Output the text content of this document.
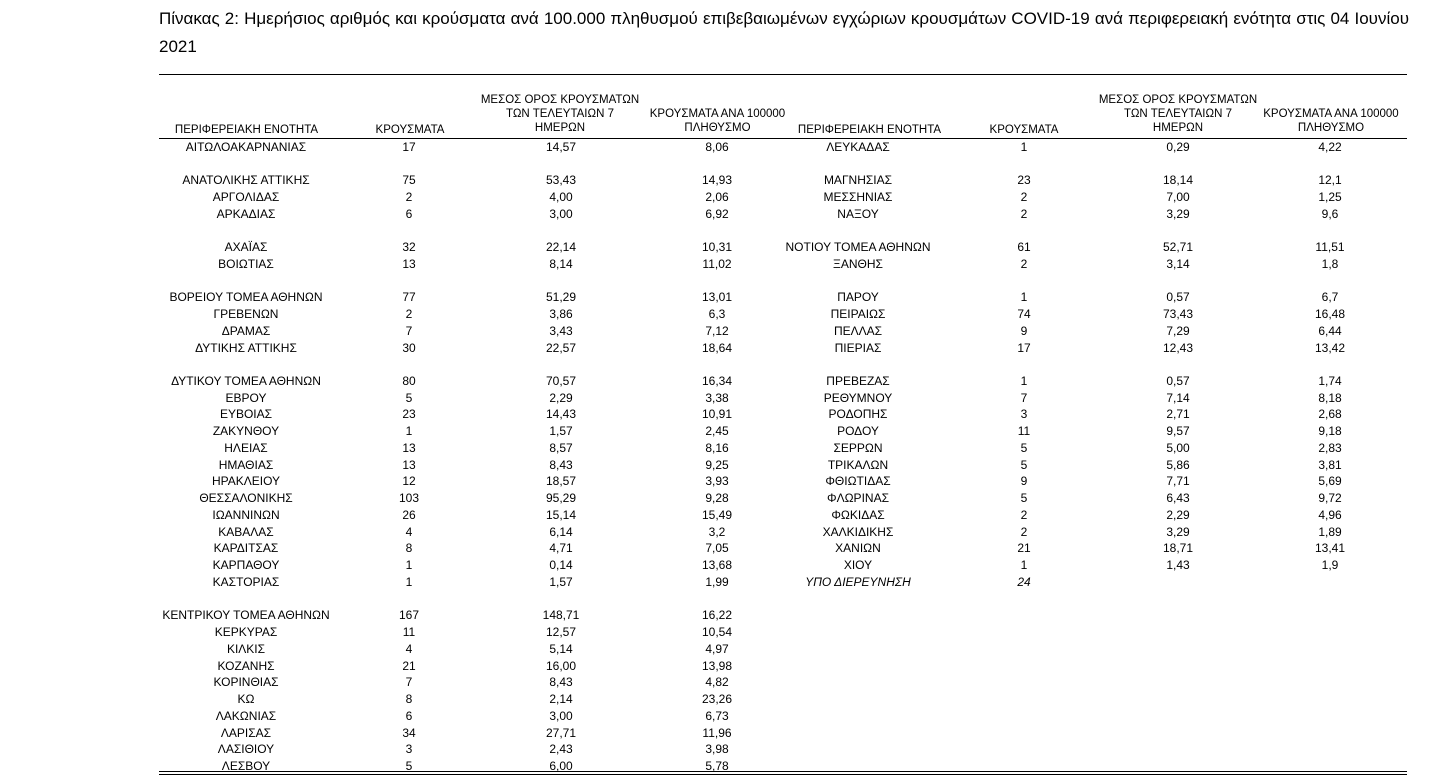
Πίνακας 2: Ημερήσιος αριθμός και κρούσματα ανά 100.000 πληθυσμού επιβεβαιωμένων εγχώριων κρουσμάτων COVID-19 ανά περιφερειακή ενότητα στις 04 Ιουνίου 2021
ΠΕΡΙΦΕΡΕΙΑΚΗ ΕΝΟΤΗΤΑ	ΚΡΟΥΣΜΑΤΑ
ΜΕΣΟΣ ΟΡΟΣ ΚΡΟΥΣΜΑΤΩΝ
ΤΩΝ ΤΕΛΕΥΤΑΙΩΝ 7
ΗΜΕΡΩΝ
ΚΡΟΥΣΜΑΤΑ ΑΝΑ 100000
ΠΛΗΘΥΣΜΟ	ΠΕΡΙΦΕΡΕΙΑΚΗ ΕΝΟΤΗΤΑ	ΚΡΟΥΣΜΑΤΑ
ΜΕΣΟΣ ΟΡΟΣ ΚΡΟΥΣΜΑΤΩΝ
ΤΩΝ ΤΕΛΕΥΤΑΙΩΝ 7
ΗΜΕΡΩΝ
ΚΡΟΥΣΜΑΤΑ ΑΝΑ 100000
ΠΛΗΘΥΣΜΟ
ΑΙΤΩΛΟΑΚΑΡΝΑΝΙΑΣ	17	14,57	8,06
ΑΝΑΤΟΛΙΚΗΣ ΑΤΤΙΚΗΣ	75	53,43	14,93
ΑΡΓΟΛΙΔΑΣ	2	4,00	2,06
ΑΡΚΑΔΙΑΣ	6	3,00	6,92
ΑΧΑΪΑΣ	32	22,14	10,31
ΒΟΙΩΤΙΑΣ	13	8,14	11,02
ΒΟΡΕΙΟΥ ΤΟΜΕΑ ΑΘΗΝΩΝ	77	51,29	13,01
ΓΡΕΒΕΝΩΝ	2	3,86	6,3
ΔΡΑΜΑΣ	7	3,43	7,12
ΔΥΤΙΚΗΣ ΑΤΤΙΚΗΣ	30	22,57	18,64
ΔΥΤΙΚΟΥ ΤΟΜΕΑ ΑΘΗΝΩΝ	80	70,57	16,34
ΕΒΡΟΥ	5	2,29	3,38
ΕΥΒΟΙΑΣ	23	14,43	10,91
ΖΑΚΥΝΘΟΥ	1	1,57	2,45
ΗΛΕΙΑΣ	13	8,57	8,16
ΗΜΑΘΙΑΣ	13	8,43	9,25
ΗΡΑΚΛΕΙΟΥ	12	18,57	3,93
ΘΕΣΣΑΛΟΝΙΚΗΣ	103	95,29	9,28
ΙΩΑΝΝΙΝΩΝ	26	15,14	15,49
ΚΑΒΑΛΑΣ	4	6,14	3,2
ΚΑΡΔΙΤΣΑΣ	8	4,71	7,05
ΚΑΡΠΑΘΟΥ	1	0,14	13,68
ΚΑΣΤΟΡΙΑΣ	1	1,57	1,99
ΚΕΝΤΡΙΚΟΥ ΤΟΜΕΑ ΑΘΗΝΩΝ	167	148,71	16,22
ΚΕΡΚΥΡΑΣ	11	12,57	10,54
ΚΙΛΚΙΣ	4	5,14	4,97
ΚΟΖΑΝΗΣ	21	16,00	13,98
ΚΟΡΙΝΘΙΑΣ	7	8,43	4,82
ΚΩ	8	2,14	23,26
ΛΑΚΩΝΙΑΣ	6	3,00	6,73
ΛΑΡΙΣΑΣ	34	27,71	11,96
ΛΑΣΙΘΙΟΥ	3	2,43	3,98
ΛΕΣΒΟΥ	5	6,00	5,78
ΛΕΥΚΑΔΑΣ	1	0,29	4,22
ΜΑΓΝΗΣΙΑΣ	23	18,14	12,1
ΜΕΣΣΗΝΙΑΣ	2	7,00	1,25
ΝΑΞΟΥ	2	3,29	9,6
ΝΟΤΙΟΥ ΤΟΜΕΑ ΑΘΗΝΩΝ	61	52,71	11,51
ΞΑΝΘΗΣ	2	3,14	1,8
ΠΑΡΟΥ	1	0,57	6,7
ΠΕΙΡΑΙΩΣ	74	73,43	16,48
ΠΕΛΛΑΣ	9	7,29	6,44
ΠΙΕΡΙΑΣ	17	12,43	13,42
ΠΡΕΒΕΖΑΣ	1	0,57	1,74
ΡΕΘΥΜΝΟΥ	7	7,14	8,18
ΡΟΔΟΠΗΣ	3	2,71	2,68
ΡΟΔΟΥ	11	9,57	9,18
ΣΕΡΡΩΝ	5	5,00	2,83
ΤΡΙΚΑΛΩΝ	5	5,86	3,81
ΦΘΙΩΤΙΔΑΣ	9	7,71	5,69
ΦΛΩΡΙΝΑΣ	5	6,43	9,72
ΦΩΚΙΔΑΣ	2	2,29	4,96
ΧΑΛΚΙΔΙΚΗΣ	2	3,29	1,89
ΧΑΝΙΩΝ	21	18,71	13,41
ΧΙΟΥ	1	1,43	1,9
ΥΠΟ ΔΙΕΡΕΥΝΗΣΗ	24
